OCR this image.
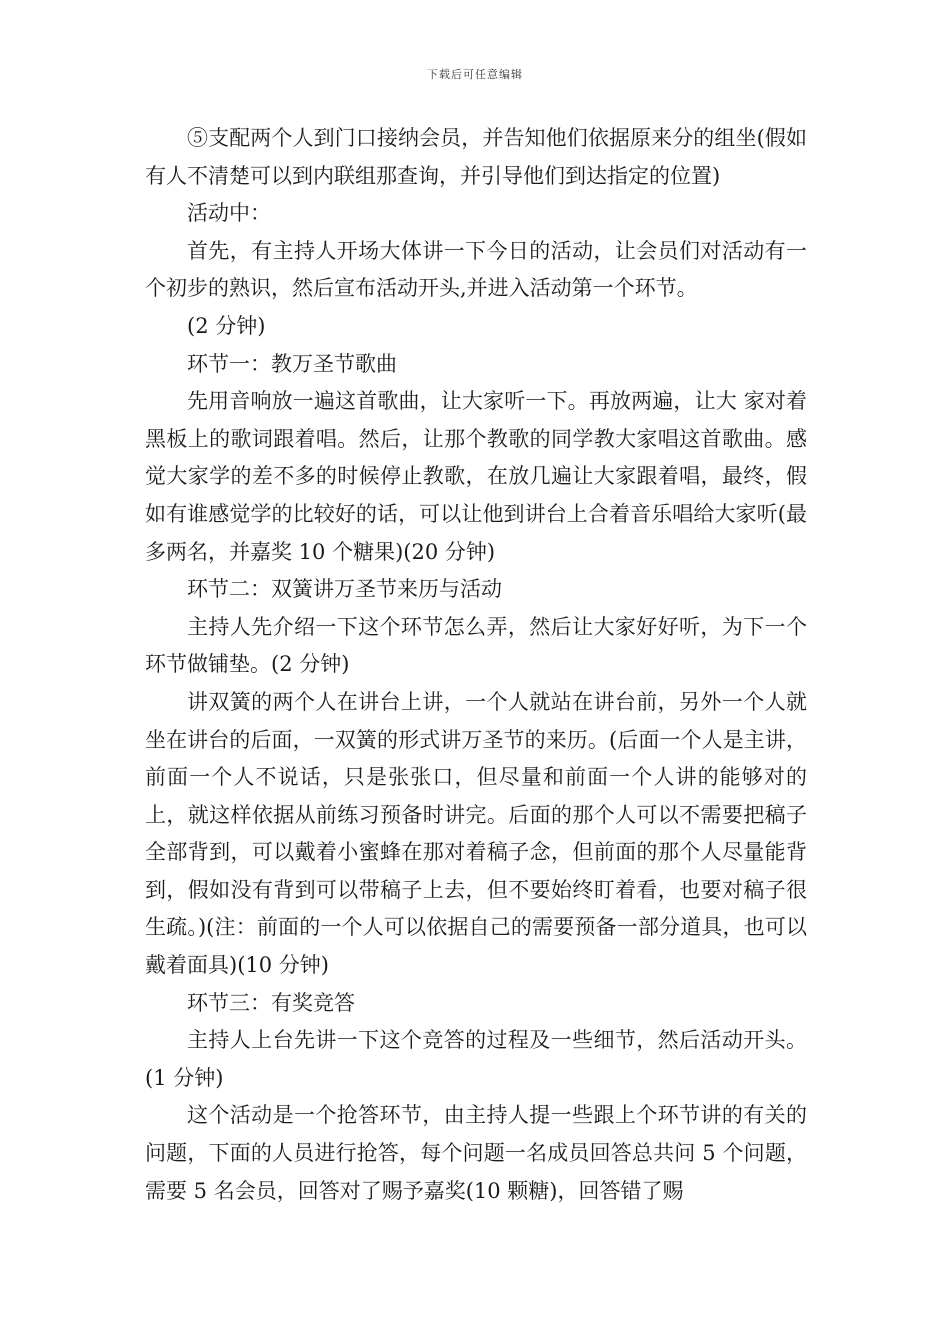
下载后可任意编辑

⑤支配两个人到门口接纳会员，并告知他们依据原来分的组坐(假如有人不清楚可以到内联组那查询，并引导他们到达指定的位置)

活动中：

首先，有主持人开场大体讲一下今日的活动，让会员们对活动有一个初步的熟识，然后宣布活动开头,并进入活动第一个环节。

(2 分钟)

环节一：教万圣节歌曲

先用音响放一遍这首歌曲，让大家听一下。再放两遍，让大 家对着黑板上的歌词跟着唱。然后，让那个教歌的同学教大家唱这首歌曲。感觉大家学的差不多的时候停止教歌，在放几遍让大家跟着唱，最终，假如有谁感觉学的比较好的话，可以让他到讲台上合着音乐唱给大家听(最多两名，并嘉奖 10 个糖果)(20 分钟)

环节二：双簧讲万圣节来历与活动

主持人先介绍一下这个环节怎么弄，然后让大家好好听，为下一个环节做铺垫。(2 分钟)

讲双簧的两个人在讲台上讲，一个人就站在讲台前，另外一个人就坐在讲台的后面，一双簧的形式讲万圣节的来历。(后面一个人是主讲，前面一个人不说话，只是张张口，但尽量和前面一个人讲的能够对的上，就这样依据从前练习预备时讲完。后面的那个人可以不需要把稿子全部背到，可以戴着小蜜蜂在那对着稿子念，但前面的那个人尽量能背到，假如没有背到可以带稿子上去，但不要始终盯着看，也要对稿子很生疏。)(注：前面的一个人可以依据自己的需要预备一部分道具，也可以戴着面具)(10 分钟)

环节三：有奖竞答

主持人上台先讲一下这个竞答的过程及一些细节，然后活动开头。(1 分钟)

这个活动是一个抢答环节，由主持人提一些跟上个环节讲的有关的问题，下面的人员进行抢答，每个问题一名成员回答总共问 5 个问题，需要 5 名会员，回答对了赐予嘉奖(10 颗糖)，回答错了赐
